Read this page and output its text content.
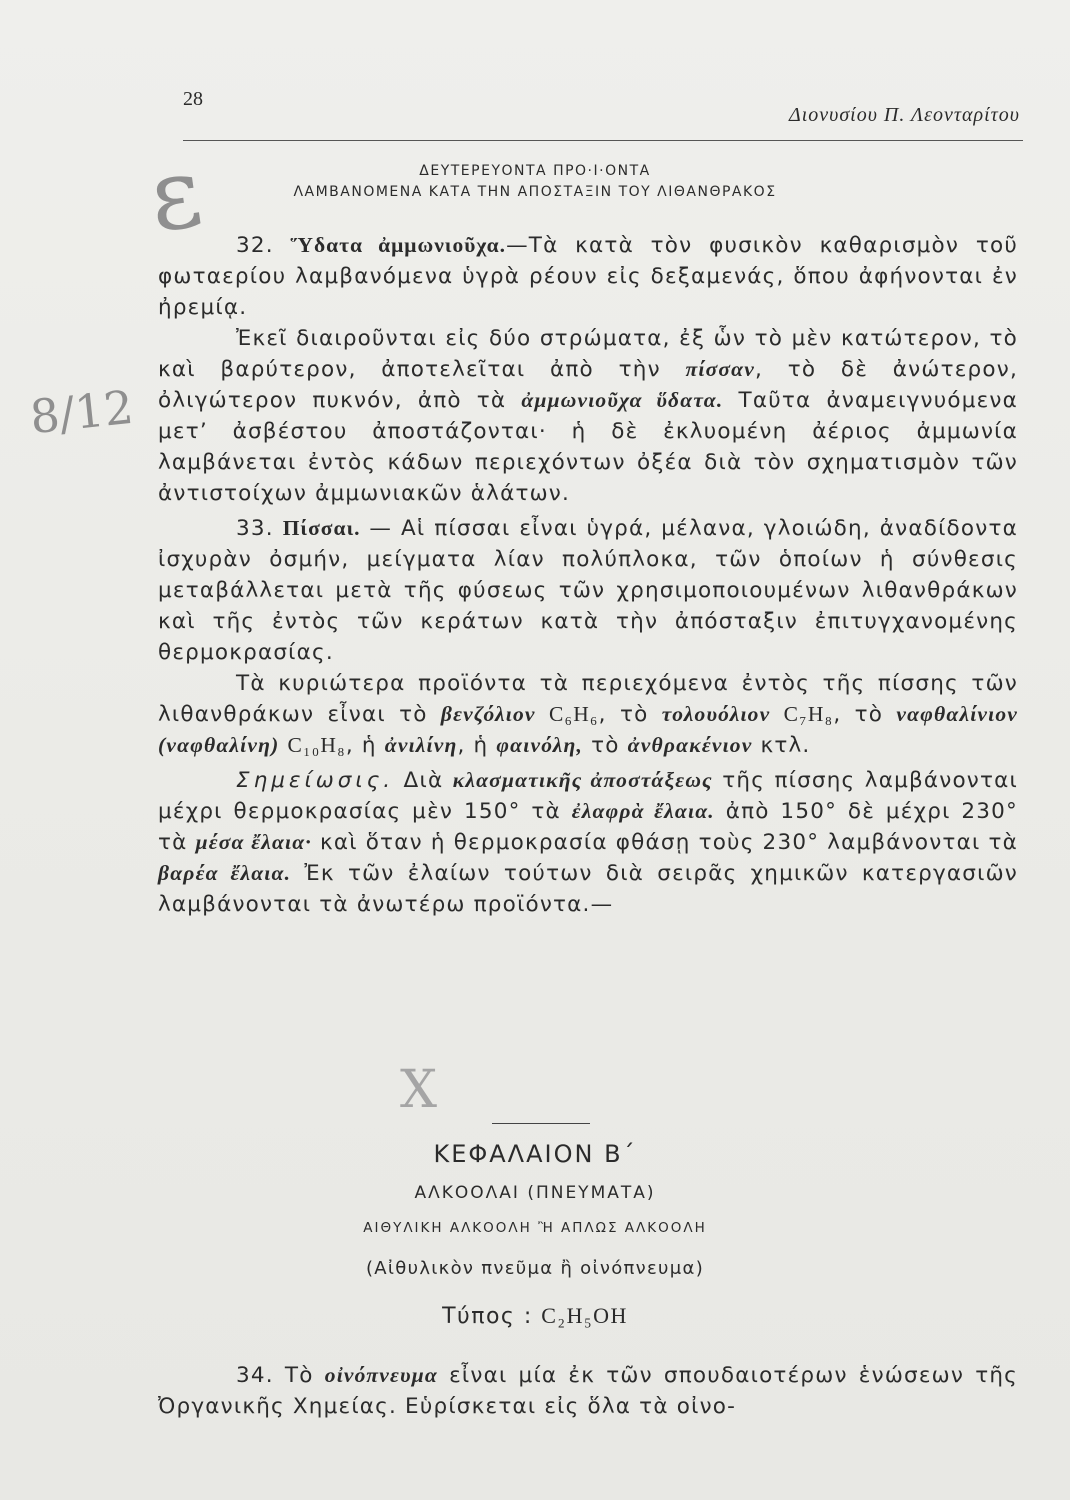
28
Διονυσίου Π. Λεονταρίτου
ε
8/12
X
ΔΕΥΤΕΡΕΥΟΝΤΑ ΠΡΟ·Ι·ΟΝΤΑ
ΛΑΜΒΑΝΟΜΕΝΑ ΚΑΤΑ ΤΗΝ ΑΠΟΣΤΑΞΙΝ ΤΟΥ ΛΙΘΑΝΘΡΑΚΟΣ

32. Ὕδατα ἀμμωνιοῦχα.—Τὰ κατὰ τὸν φυσικὸν καθαρισμὸν τοῦ φωταερίου λαμβανόμενα ὑγρὰ ρέουν εἰς δεξαμενάς, ὅπου ἀφήνονται ἐν ἠρεμίᾳ.

Ἐκεῖ διαιροῦνται εἰς δύο στρώματα, ἐξ ὧν τὸ μὲν κατώτερον, τὸ καὶ βαρύτερον, ἀποτελεῖται ἀπὸ τὴν πίσσαν, τὸ δὲ ἀνώτερον, ὀλιγώτερον πυκνόν, ἀπὸ τὰ ἀμμωνιοῦχα ὕδατα. Ταῦτα ἀναμειγνυόμενα μετ’ ἀσβέστου ἀποστάζονται· ἡ δὲ ἐκλυομένη ἀέριος ἀμμωνία λαμβάνεται ἐντὸς κάδων περιεχόντων ὀξέα διὰ τὸν σχηματισμὸν τῶν ἀντιστοίχων ἀμμωνιακῶν ἁλάτων.

33. Πίσσαι. — Αἱ πίσσαι εἶναι ὑγρά, μέλανα, γλοιώδη, ἀναδίδοντα ἰσχυρὰν ὀσμήν, μείγματα λίαν πολύπλοκα, τῶν ὁποίων ἡ σύνθεσις μεταβάλλεται μετὰ τῆς φύσεως τῶν χρησιμοποιουμένων λιθανθράκων καὶ τῆς ἐντὸς τῶν κεράτων κατὰ τὴν ἀπόσταξιν ἐπιτυγχανομένης θερμοκρασίας.

Τὰ κυριώτερα προϊόντα τὰ περιεχόμενα ἐντὸς τῆς πίσσης τῶν λιθανθράκων εἶναι τὸ βενζόλιον C₆H₆, τὸ τολουόλιον C₇H₈, τὸ ναφθαλίνιον (ναφθαλίνη) C₁₀H₈, ἡ ἀνιλίνη, ἡ φαινόλη, τὸ ἀνθρακένιον κτλ.

Σημείωσις. Διὰ κλασματικῆς ἀποστάξεως τῆς πίσσης λαμβάνονται μέχρι θερμοκρασίας μὲν 150° τὰ ἐλαφρὰ ἔλαια. ἀπὸ 150° δὲ μέχρι 230° τὰ μέσα ἔλαια· καὶ ὅταν ἡ θερμοκρασία φθάσῃ τοὺς 230° λαμβάνονται τὰ βαρέα ἔλαια. Ἐκ τῶν ἐλαίων τούτων διὰ σειρᾶς χημικῶν κατεργασιῶν λαμβάνονται τὰ ἀνωτέρω προϊόντα.—

ΚΕΦΑΛΑΙΟΝ Β΄
ΑΛΚΟΟΛΑΙ (ΠΝΕΥΜΑΤΑ)
ΑΙΘΥΛΙΚΗ ΑΛΚΟΟΛΗ Ἢ ΑΠΛΩΣ ΑΛΚΟΟΛΗ
(Αἰθυλικὸν πνεῦμα ἢ οἰνόπνευμα)
Τύπος : C₂H₅OH

34. Τὸ οἰνόπνευμα εἶναι μία ἐκ τῶν σπουδαιοτέρων ἑνώσεων τῆς Ὀργανικῆς Χημείας. Εὑρίσκεται εἰς ὅλα τὰ οἰνο-
